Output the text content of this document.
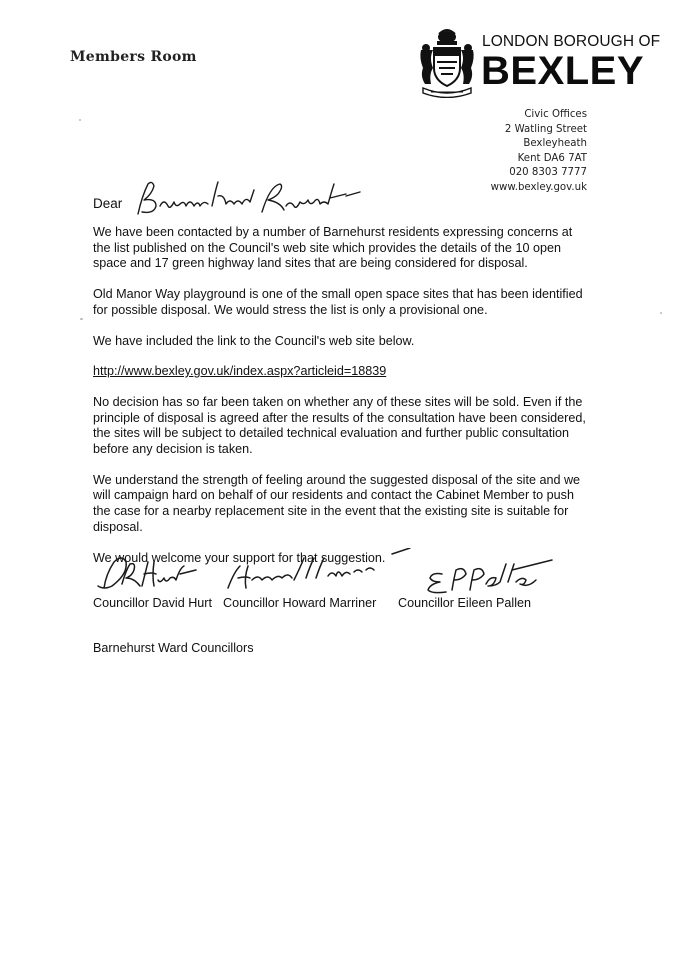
Members Room
LONDON BOROUGH OF
BEXLEY
Civic Offices
2 Watling Street
Bexleyheath
Kent DA6 7AT
020 8303 7777
www.bexley.gov.uk
Dear

We have been contacted by a number of Barnehurst residents expressing concerns at the list published on the Council's web site which provides the details of the 10 open space and 17 green highway land sites that are being considered for disposal.

Old Manor Way playground is one of the small open space sites that has been identified for possible disposal. We would stress the list is only a provisional one.

We have included the link to the Council's web site below.

http://www.bexley.gov.uk/index.aspx?articleid=18839

No decision has so far been taken on whether any of these sites will be sold. Even if the principle of disposal is agreed after the results of the consultation have been considered, the sites will be subject to detailed technical evaluation and further public consultation before any decision is taken.

We understand the strength of feeling around the suggested disposal of the site and we will campaign hard on behalf of our residents and contact the Cabinet Member to push the case for a nearby replacement site in the event that the existing site is suitable for disposal.

We would welcome your support for that suggestion.

Councillor David Hurt Councillor Howard Marriner Councillor Eileen Pallen
Barnehurst Ward Councillors
